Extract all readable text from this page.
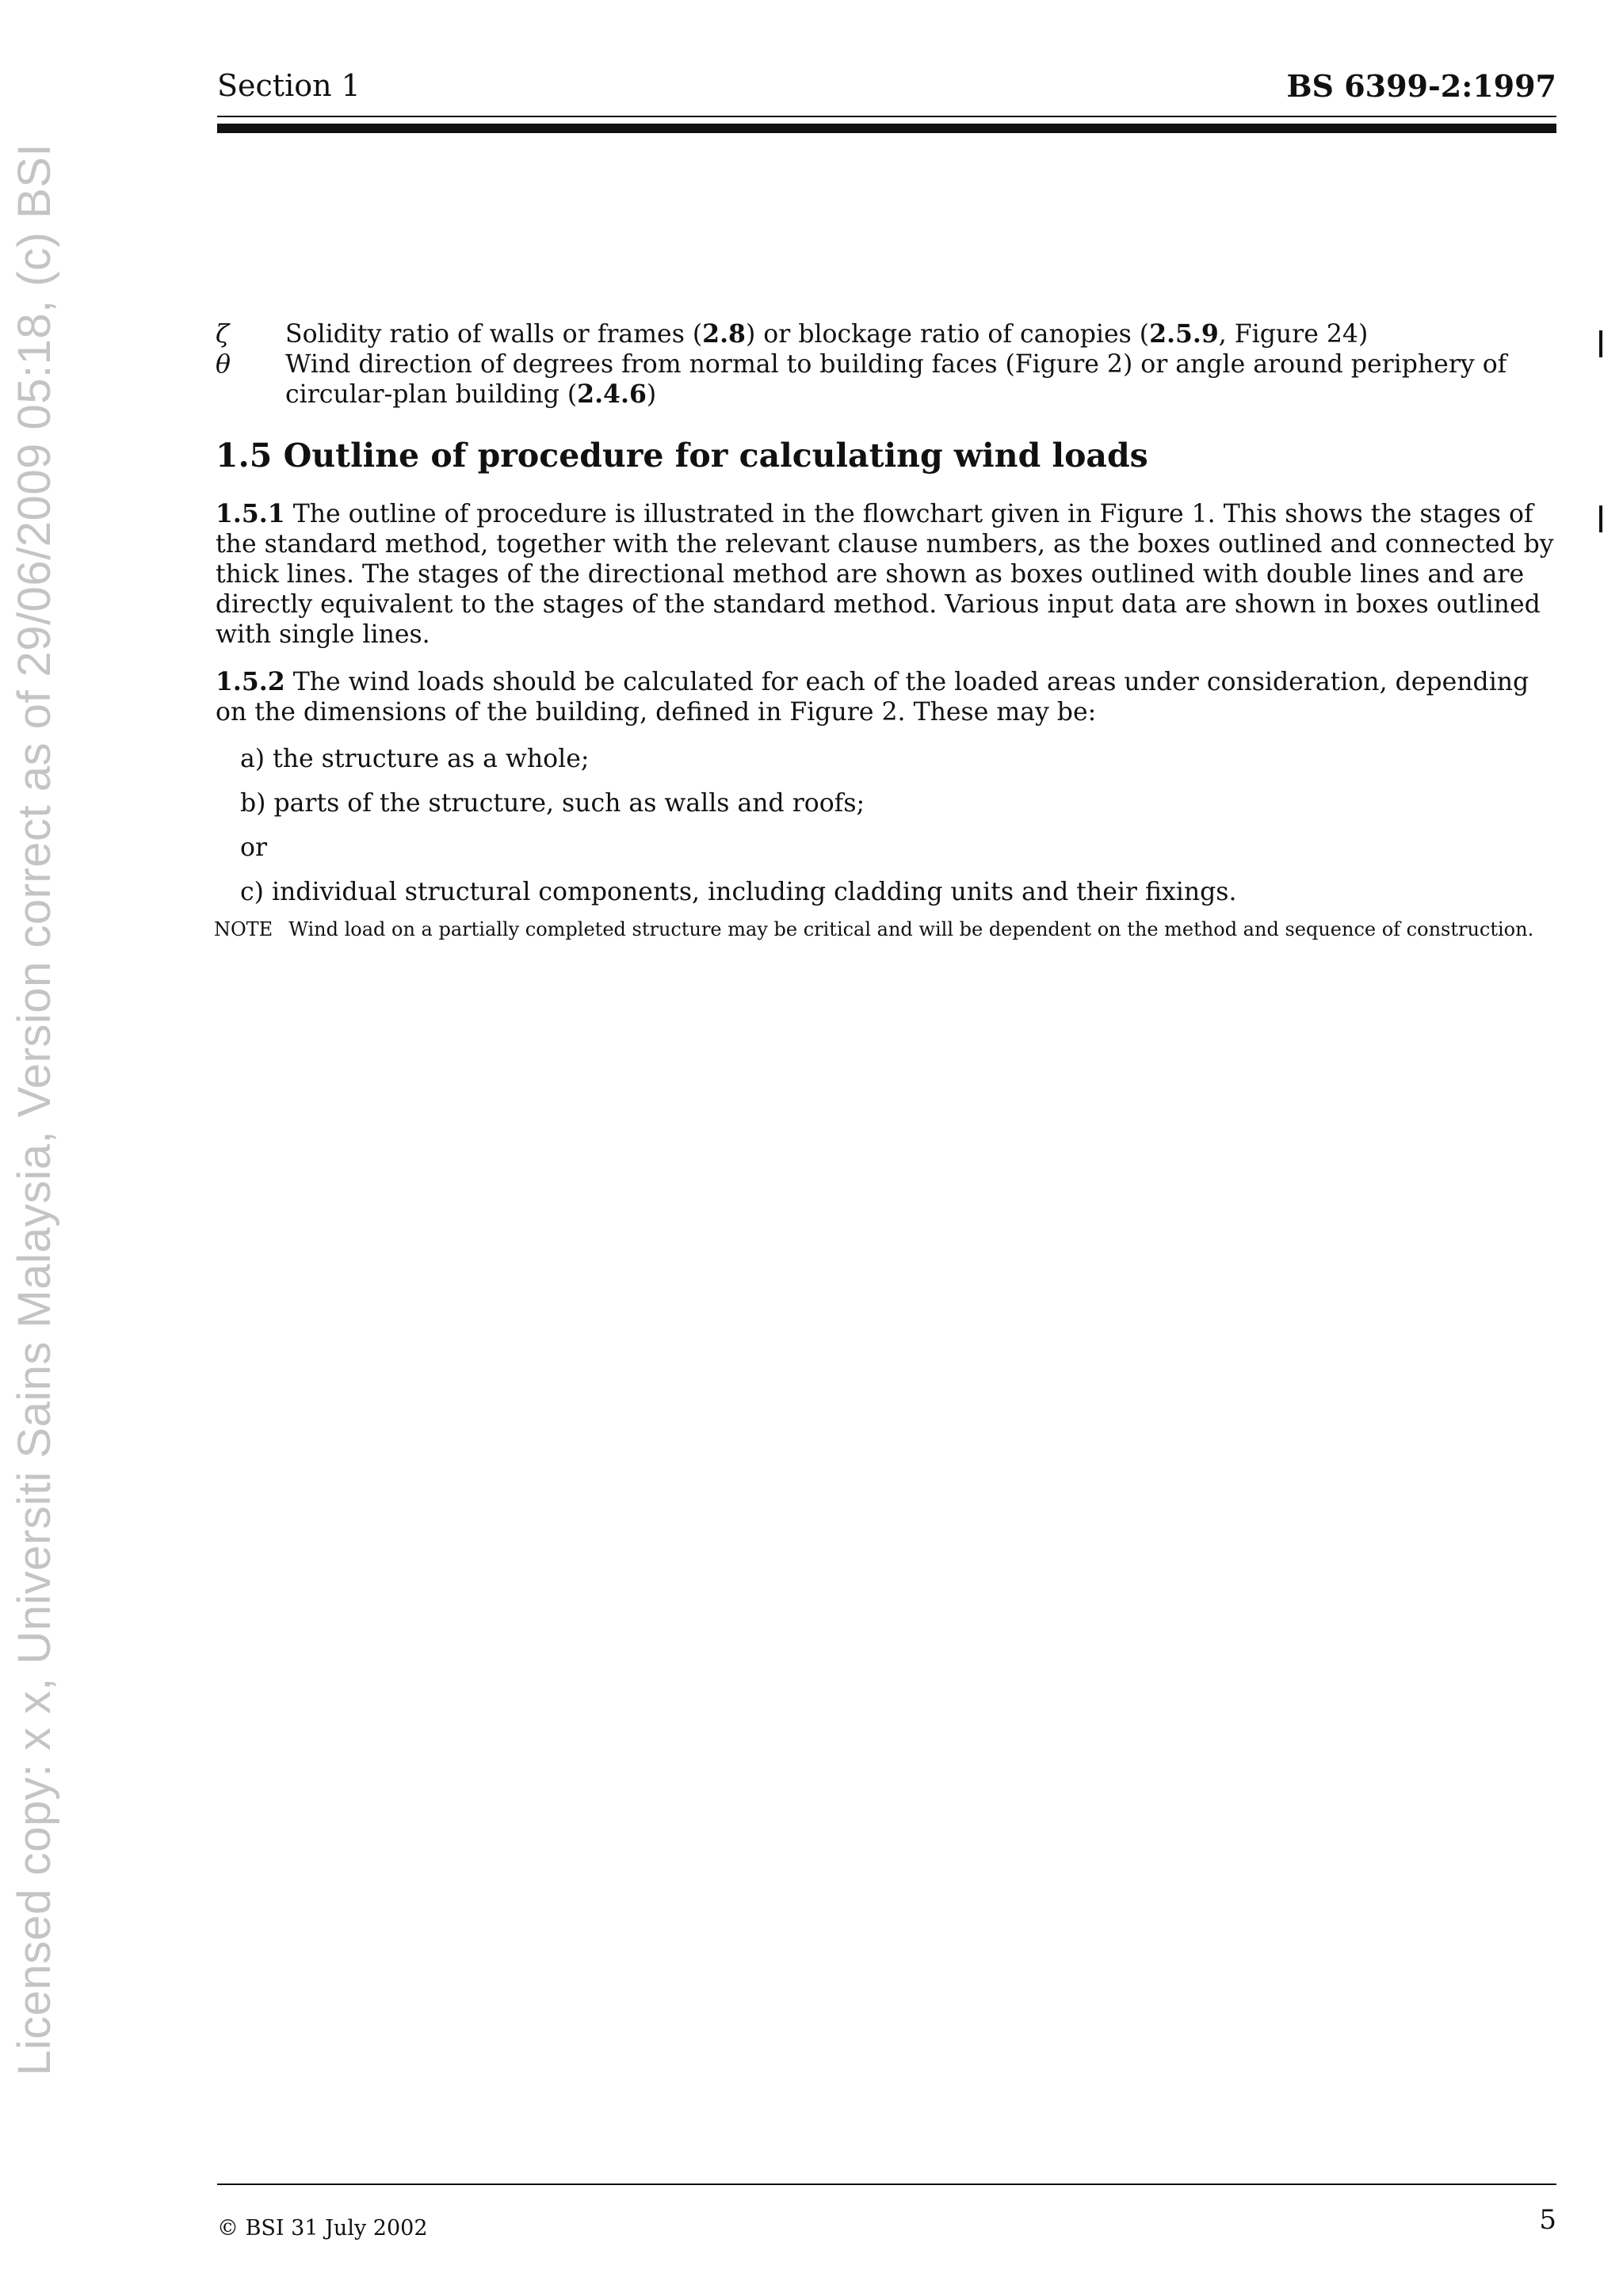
Licensed copy: x x, Universiti Sains Malaysia, Version correct as of 29/06/2009 05:18, (c) BSI
Section 1	BS 6399-2:1997
ζ	Solidity ratio of walls or frames (2.8) or blockage ratio of canopies (2.5.9, Figure 24)
θ	Wind direction of degrees from normal to building faces (Figure 2) or angle around periphery of circular-plan building (2.4.6)
1.5 Outline of procedure for calculating wind loads
1.5.1 The outline of procedure is illustrated in the flowchart given in Figure 1. This shows the stages of the standard method, together with the relevant clause numbers, as the boxes outlined and connected by thick lines. The stages of the directional method are shown as boxes outlined with double lines and are directly equivalent to the stages of the standard method. Various input data are shown in boxes outlined with single lines.
1.5.2 The wind loads should be calculated for each of the loaded areas under consideration, depending on the dimensions of the building, defined in Figure 2. These may be:
a) the structure as a whole;
b) parts of the structure, such as walls and roofs;
or
c) individual structural components, including cladding units and their fixings.
NOTE Wind load on a partially completed structure may be critical and will be dependent on the method and sequence of construction.
© BSI 31 July 2002	5
